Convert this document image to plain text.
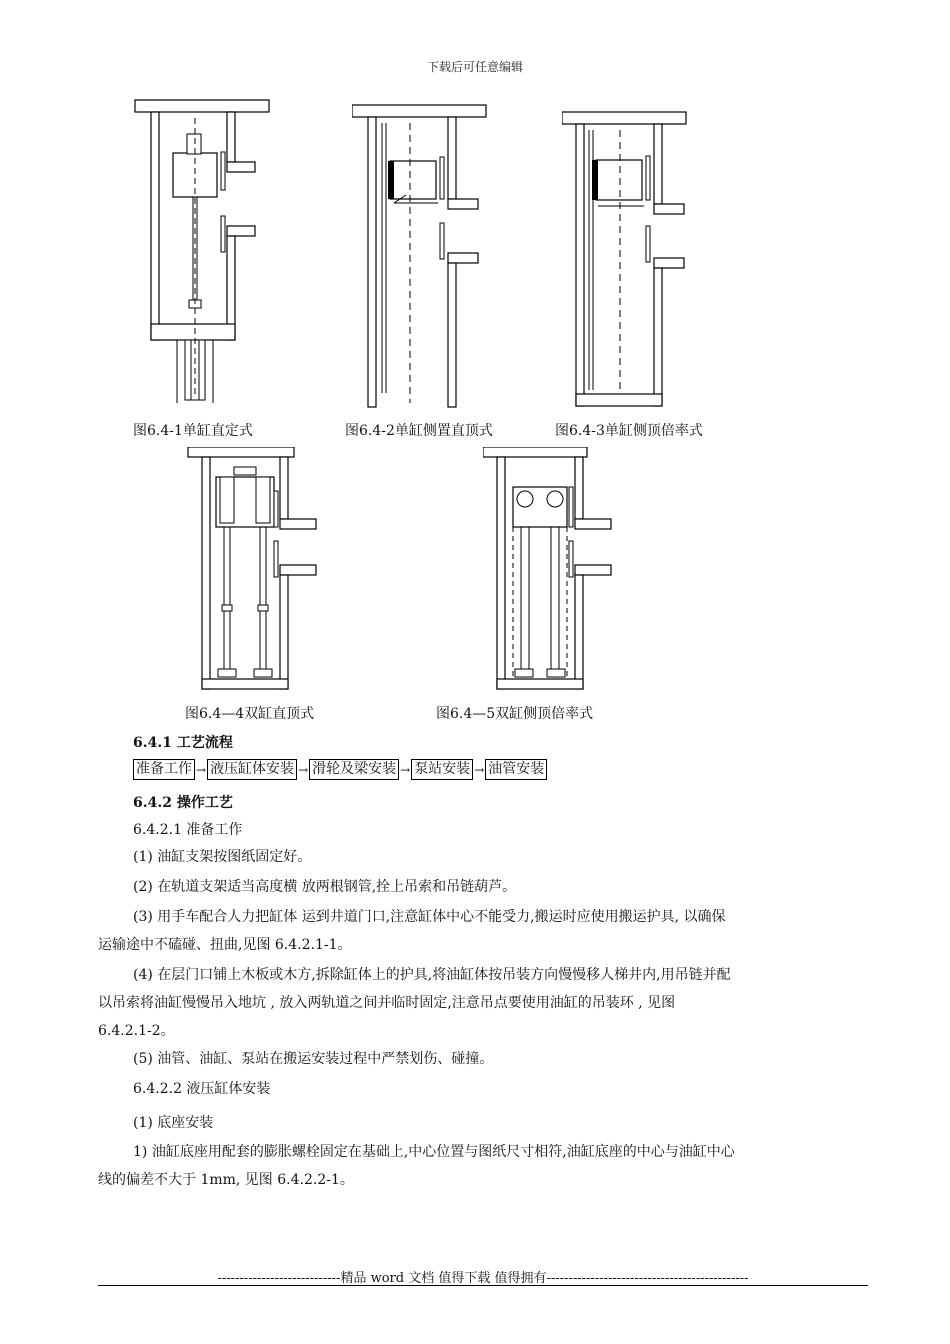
下载后可任意编辑
图6.4-1单缸直定式	图6.4-2单缸侧置直顶式	图6.4-3单缸侧顶倍率式
图6.4—4双缸直顶式	图6.4—5双缸侧顶倍率式
6.4.1 工艺流程
准备工作 → 液压缸体安装 → 滑轮及梁安装 → 泵站安装 → 油管安装
6.4.2 操作工艺
6.4.2.1 准备工作
(1) 油缸支架按图纸固定好。
(2) 在轨道支架适当高度横 放两根钢管,拴上吊索和吊链葫芦。
(3) 用手车配合人力把缸体 运到井道门口,注意缸体中心不能受力,搬运时应使用搬运护具, 以确保
运输途中不磕碰、扭曲,见图 6.4.2.1-1。
(4) 在层门口铺上木板或木方,拆除缸体上的护具,将油缸体按吊装方向慢慢移人梯井内,用吊链并配
以吊索将油缸慢慢吊入地坑 , 放入两轨道之间并临时固定,注意吊点要使用油缸的吊装环 , 见图
6.4.2.1-2。
(5) 油管、油缸、泵站在搬运安装过程中严禁划伤、碰撞。
6.4.2.2 液压缸体安装
(1) 底座安装
1) 油缸底座用配套的膨胀螺栓固定在基础上,中心位置与图纸尺寸相符,油缸底座的中心与油缸中心
线的偏差不大于 1mm, 见图 6.4.2.2-1。
----------------------------精品 word 文档 值得下载 值得拥有----------------------------------------------
